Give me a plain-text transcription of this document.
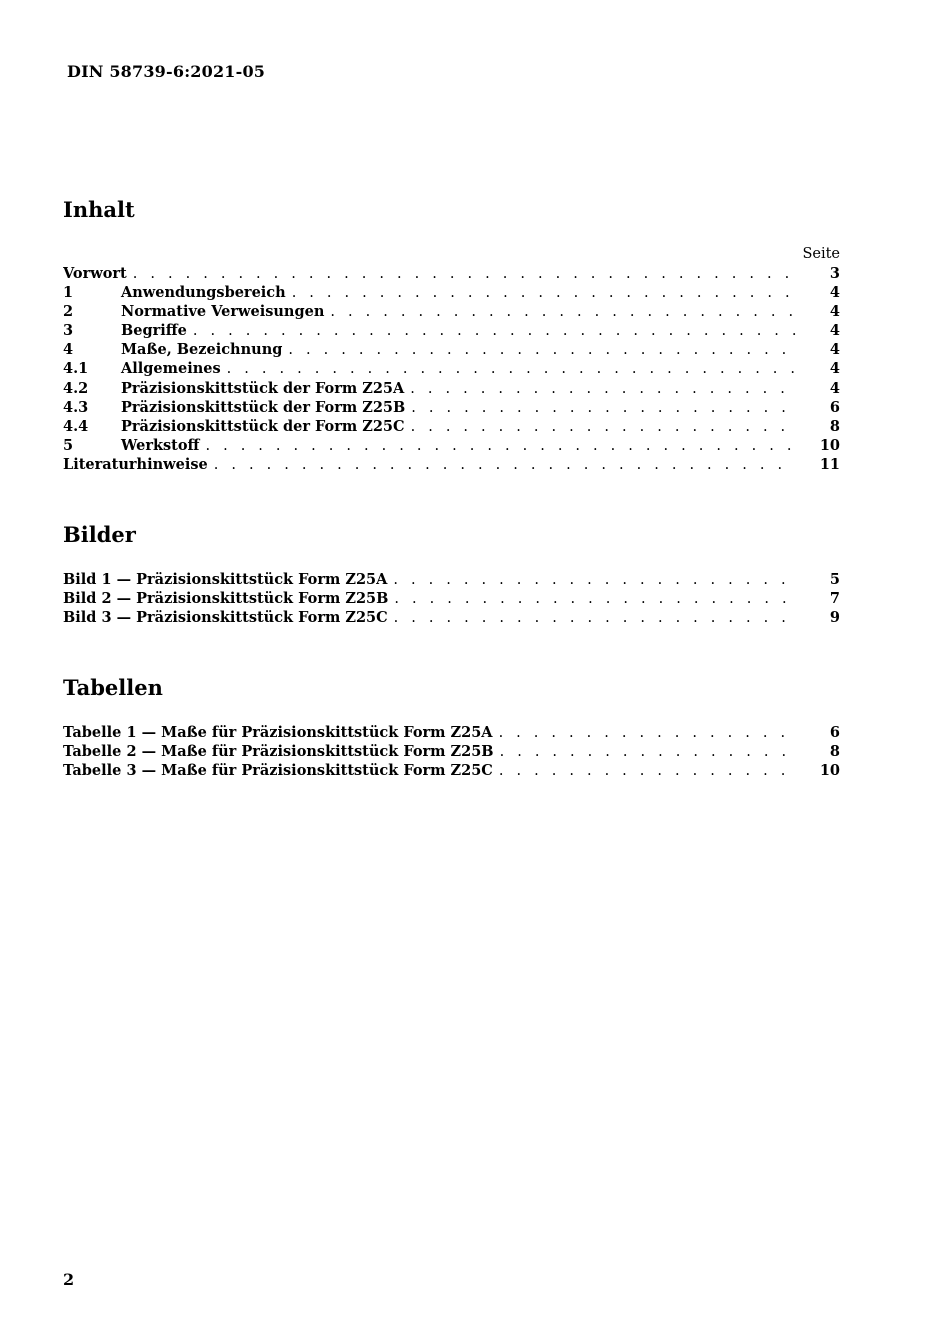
DIN 58739-6:2021-05
Inhalt
Seite
Vorwort . . .	3
1	Anwendungsbereich . . .	4
2	Normative Verweisungen . . .	4
3	Begriffe . . .	4
4	Maße, Bezeichnung . . .	4
4.1	Allgemeines . . .	4
4.2	Präzisionskittstück der Form Z25A . . .	4
4.3	Präzisionskittstück der Form Z25B . . .	6
4.4	Präzisionskittstück der Form Z25C . . .	8
5	Werkstoff . . .	10
Literaturhinweise . . .	11
Bilder
Bild 1 — Präzisionskittstück Form Z25A . . .	5
Bild 2 — Präzisionskittstück Form Z25B . . .	7
Bild 3 — Präzisionskittstück Form Z25C . . .	9
Tabellen
Tabelle 1 — Maße für Präzisionskittstück Form Z25A . . .	6
Tabelle 2 — Maße für Präzisionskittstück Form Z25B . . .	8
Tabelle 3 — Maße für Präzisionskittstück Form Z25C . . .	10
2
